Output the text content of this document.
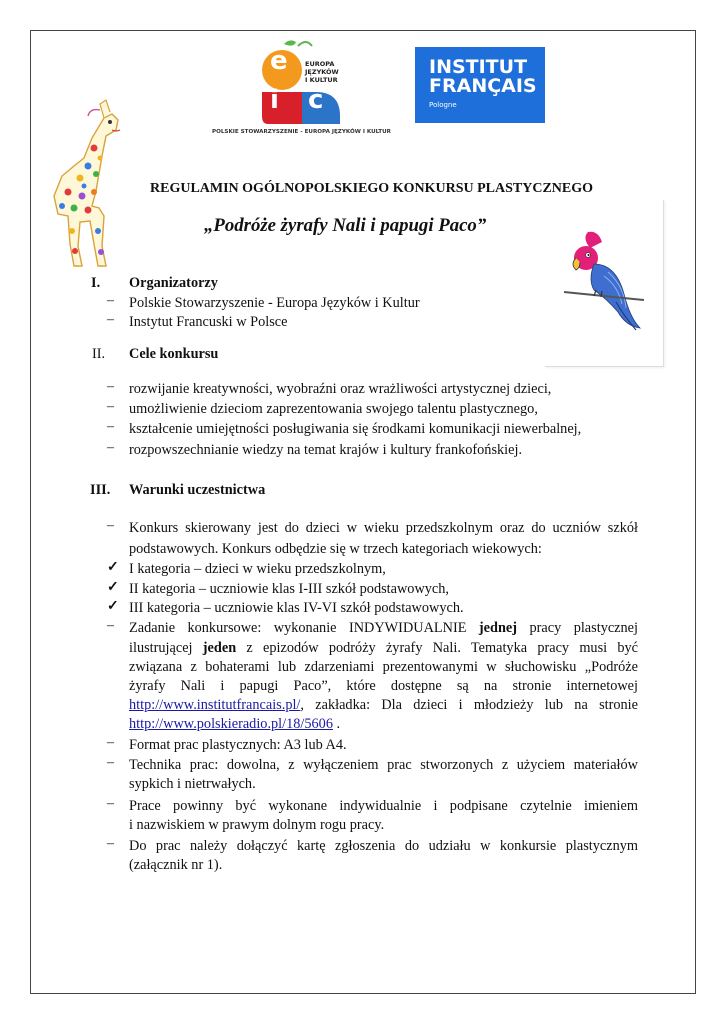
e
i c
EUROPA
JĘZYKÓW
I KULTUR
POLSKIE STOWARZYSZENIE - EUROPA JĘZYKÓW I KULTUR
INSTITUT
FRANÇAIS
Pologne
REGULAMIN OGÓLNOPOLSKIEGO KONKURSU PLASTYCZNEGO
„Podróże żyrafy Nali i papugi Paco”
I. Organizatorzy
– Polskie Stowarzyszenie - Europa Języków i Kultur
– Instytut Francuski w Polsce
II. Cele konkursu
– rozwijanie kreatywności, wyobraźni oraz wrażliwości artystycznej dzieci,
– umożliwienie dzieciom zaprezentowania swojego talentu plastycznego,
– kształcenie umiejętności posługiwania się środkami komunikacji niewerbalnej,
– rozpowszechnianie wiedzy na temat krajów i kultury frankofońskiej.
III. Warunki uczestnictwa
– Konkurs skierowany jest do dzieci w wieku przedszkolnym oraz do uczniów szkół
podstawowych. Konkurs odbędzie się w trzech kategoriach wiekowych:
✓ I kategoria – dzieci w wieku przedszkolnym,
✓ II kategoria – uczniowie klas I-III szkół podstawowych,
✓ III kategoria – uczniowie klas IV-VI szkół podstawowych.
– Zadanie konkursowe: wykonanie INDYWIDUALNIE jednej pracy plastycznej
ilustrującej jeden z epizodów podróży żyrafy Nali. Tematyka pracy musi być
związana z bohaterami lub zdarzeniami prezentowanymi w słuchowisku „Podróże
żyrafy Nali i papugi Paco”, które dostępne są na stronie internetowej
http://www.institutfrancais.pl/, zakładka: Dla dzieci i młodzieży lub na stronie
http://www.polskieradio.pl/18/5606 .
– Format prac plastycznych: A3 lub A4.
– Technika prac: dowolna, z wyłączeniem prac stworzonych z użyciem materiałów
sypkich i nietrwałych.
– Prace powinny być wykonane indywidualnie i podpisane czytelnie imieniem
i nazwiskiem w prawym dolnym rogu pracy.
– Do prac należy dołączyć kartę zgłoszenia do udziału w konkursie plastycznym
(załącznik nr 1).
